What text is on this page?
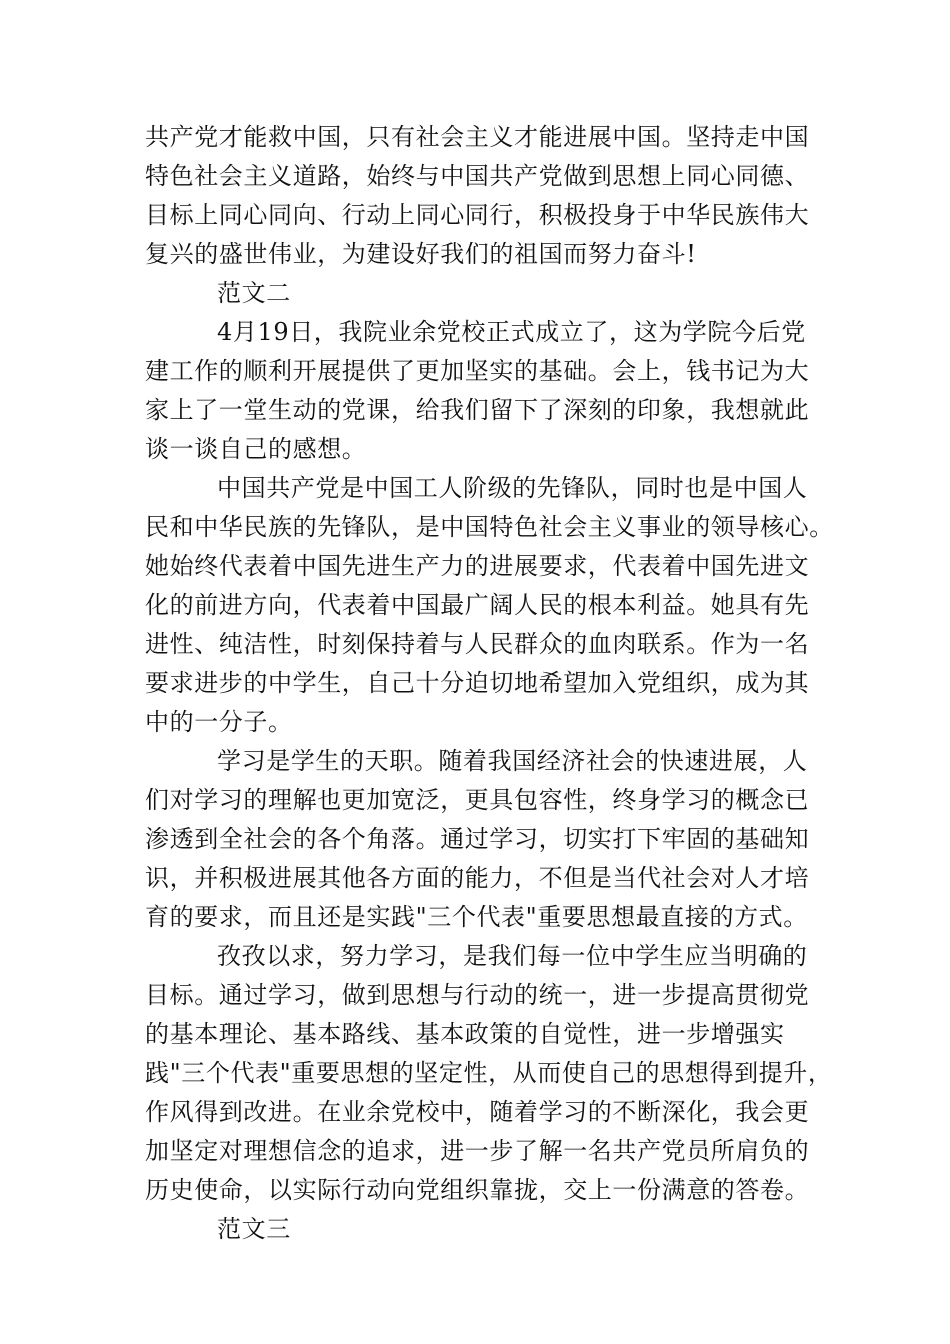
共产党才能救中国，只有社会主义才能进展中国。坚持走中国
特色社会主义道路，始终与中国共产党做到思想上同心同德、
目标上同心同向、行动上同心同行，积极投身于中华民族伟大
复兴的盛世伟业，为建设好我们的祖国而努力奋斗!
范文二
4月19日，我院业余党校正式成立了，这为学院今后党
建工作的顺利开展提供了更加坚实的基础。会上，钱书记为大
家上了一堂生动的党课，给我们留下了深刻的印象，我想就此
谈一谈自己的感想。
中国共产党是中国工人阶级的先锋队，同时也是中国人
民和中华民族的先锋队，是中国特色社会主义事业的领导核心。
她始终代表着中国先进生产力的进展要求，代表着中国先进文
化的前进方向，代表着中国最广阔人民的根本利益。她具有先
进性、纯洁性，时刻保持着与人民群众的血肉联系。作为一名
要求进步的中学生，自己十分迫切地希望加入党组织，成为其
中的一分子。
学习是学生的天职。随着我国经济社会的快速进展，人
们对学习的理解也更加宽泛，更具包容性，终身学习的概念已
渗透到全社会的各个角落。通过学习，切实打下牢固的基础知
识，并积极进展其他各方面的能力，不但是当代社会对人才培
育的要求，而且还是实践"三个代表"重要思想最直接的方式。
孜孜以求，努力学习，是我们每一位中学生应当明确的
目标。通过学习，做到思想与行动的统一，进一步提高贯彻党
的基本理论、基本路线、基本政策的自觉性，进一步增强实
践"三个代表"重要思想的坚定性，从而使自己的思想得到提升，
作风得到改进。在业余党校中，随着学习的不断深化，我会更
加坚定对理想信念的追求，进一步了解一名共产党员所肩负的
历史使命，以实际行动向党组织靠拢，交上一份满意的答卷。
范文三
